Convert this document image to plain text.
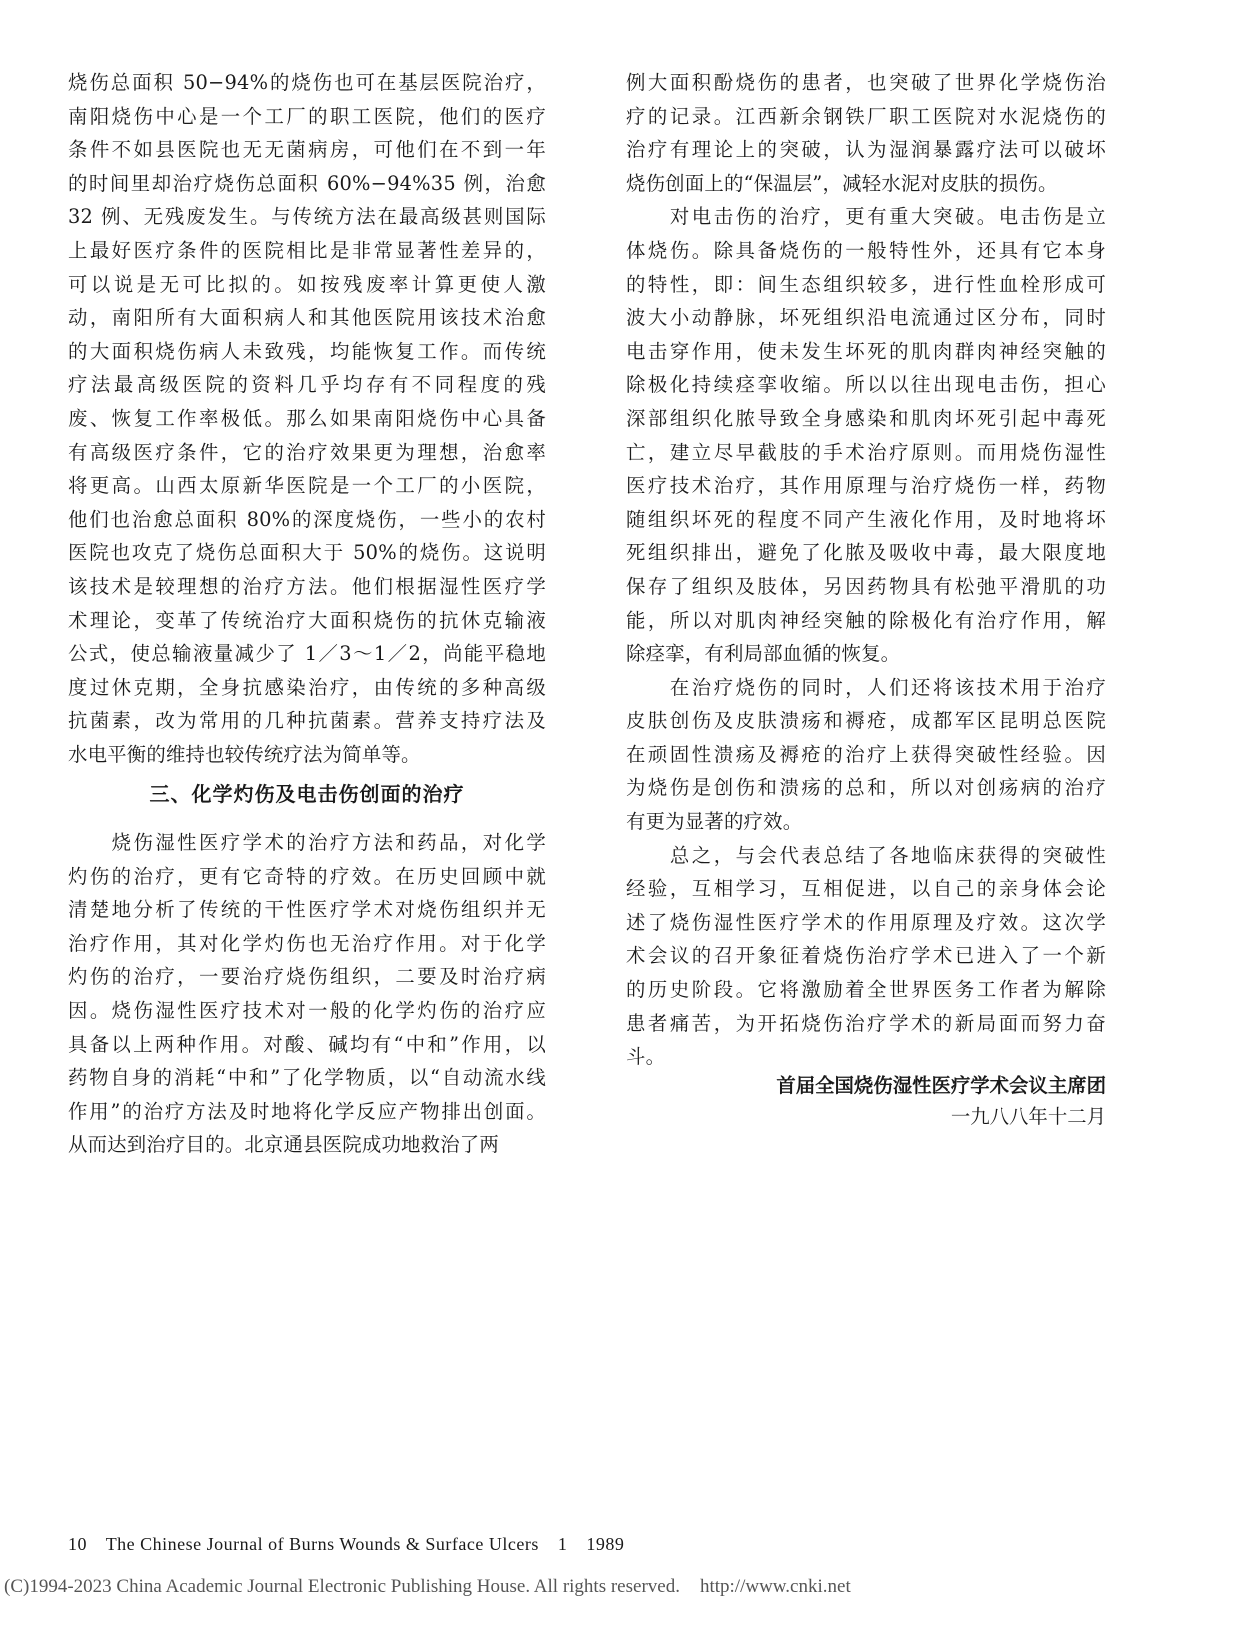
烧伤总面积 50−94%的烧伤也可在基层医院治疗，
南阳烧伤中心是一个工厂的职工医院，他们的医疗
条件不如县医院也无无菌病房，可他们在不到一年
的时间里却治疗烧伤总面积 60%−94%35 例，治愈
32 例、无残废发生。与传统方法在最高级甚则国际
上最好医疗条件的医院相比是非常显著性差异的，
可以说是无可比拟的。如按残废率计算更使人激
动，南阳所有大面积病人和其他医院用该技术治愈
的大面积烧伤病人未致残，均能恢复工作。而传统
疗法最高级医院的资料几乎均存有不同程度的残
废、恢复工作率极低。那么如果南阳烧伤中心具备
有高级医疗条件，它的治疗效果更为理想，治愈率
将更高。山西太原新华医院是一个工厂的小医院，
他们也治愈总面积 80%的深度烧伤，一些小的农村
医院也攻克了烧伤总面积大于 50%的烧伤。这说明
该技术是较理想的治疗方法。他们根据湿性医疗学
术理论，变革了传统治疗大面积烧伤的抗休克输液
公式，使总输液量减少了 1／3～1／2，尚能平稳地
度过休克期，全身抗感染治疗，由传统的多种高级
抗菌素，改为常用的几种抗菌素。营养支持疗法及
水电平衡的维持也较传统疗法为简单等。

三、化学灼伤及电击伤创面的治疗

　　烧伤湿性医疗学术的治疗方法和药品，对化学
灼伤的治疗，更有它奇特的疗效。在历史回顾中就
清楚地分析了传统的干性医疗学术对烧伤组织并无
治疗作用，其对化学灼伤也无治疗作用。对于化学
灼伤的治疗，一要治疗烧伤组织，二要及时治疗病
因。烧伤湿性医疗技术对一般的化学灼伤的治疗应
具备以上两种作用。对酸、碱均有“中和”作用，以
药物自身的消耗“中和”了化学物质，以“自动流水线
作用”的治疗方法及时地将化学反应产物排出创面。
从而达到治疗目的。北京通县医院成功地救治了两

例大面积酚烧伤的患者，也突破了世界化学烧伤治
疗的记录。江西新余钢铁厂职工医院对水泥烧伤的
治疗有理论上的突破，认为湿润暴露疗法可以破坏
烧伤创面上的“保温层”，减轻水泥对皮肤的损伤。

　　对电击伤的治疗，更有重大突破。电击伤是立
体烧伤。除具备烧伤的一般特性外，还具有它本身
的特性，即：间生态组织较多，进行性血栓形成可
波大小动静脉，坏死组织沿电流通过区分布，同时
电击穿作用，使未发生坏死的肌肉群肉神经突触的
除极化持续痉挛收缩。所以以往出现电击伤，担心
深部组织化脓导致全身感染和肌肉坏死引起中毒死
亡，建立尽早截肢的手术治疗原则。而用烧伤湿性
医疗技术治疗，其作用原理与治疗烧伤一样，药物
随组织坏死的程度不同产生液化作用，及时地将坏
死组织排出，避免了化脓及吸收中毒，最大限度地
保存了组织及肢体，另因药物具有松弛平滑肌的功
能，所以对肌肉神经突触的除极化有治疗作用，解
除痉挛，有利局部血循的恢复。

　　在治疗烧伤的同时，人们还将该技术用于治疗
皮肤创伤及皮肤溃疡和褥疮，成都军区昆明总医院
在顽固性溃疡及褥疮的治疗上获得突破性经验。因
为烧伤是创伤和溃疡的总和，所以对创疡病的治疗
有更为显著的疗效。

　　总之，与会代表总结了各地临床获得的突破性
经验，互相学习，互相促进，以自己的亲身体会论
述了烧伤湿性医疗学术的作用原理及疗效。这次学
术会议的召开象征着烧伤治疗学术已进入了一个新
的历史阶段。它将激励着全世界医务工作者为解除
患者痛苦，为开拓烧伤治疗学术的新局面而努力奋
斗。

首届全国烧伤湿性医疗学术会议主席团
一九八八年十二月
10 The Chinese Journal of Burns Wounds & Surface Ulcers 1 1989
(C)1994-2023 China Academic Journal Electronic Publishing House. All rights reserved. http://www.cnki.net
